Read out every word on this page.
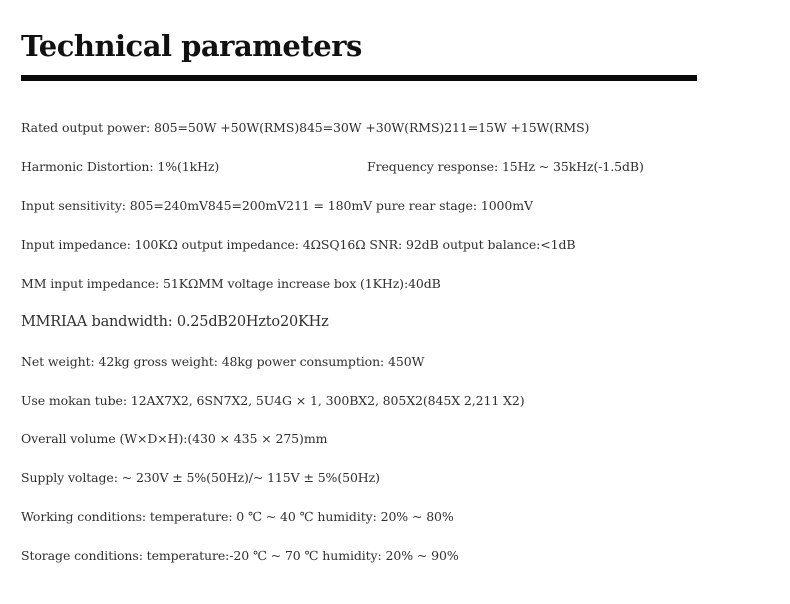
Technical parameters
Rated output power: 805=50W +50W(RMS)845=30W +30W(RMS)211=15W +15W(RMS)
Harmonic Distortion: 1%(1kHz)	Frequency response: 15Hz ~ 35kHz(-1.5dB)
Input sensitivity: 805=240mV845=200mV211 = 180mV pure rear stage: 1000mV
Input impedance: 100KΩ output impedance: 4ΩSQ16Ω SNR: 92dB output balance:<1dB
MM input impedance: 51KΩMM voltage increase box (1KHz):40dB
MMRIAA bandwidth: 0.25dB20Hzto20KHz
Net weight: 42kg gross weight: 48kg power consumption: 450W
Use mokan tube: 12AX7X2, 6SN7X2, 5U4G × 1, 300BX2, 805X2(845X 2,211 X2)
Overall volume (W×D×H):(430 × 435 × 275)mm
Supply voltage: ~ 230V ± 5%(50Hz)/~ 115V ± 5%(50Hz)
Working conditions: temperature: 0 ℃ ~ 40 ℃ humidity: 20% ~ 80%
Storage conditions: temperature:-20 ℃ ~ 70 ℃ humidity: 20% ~ 90%
